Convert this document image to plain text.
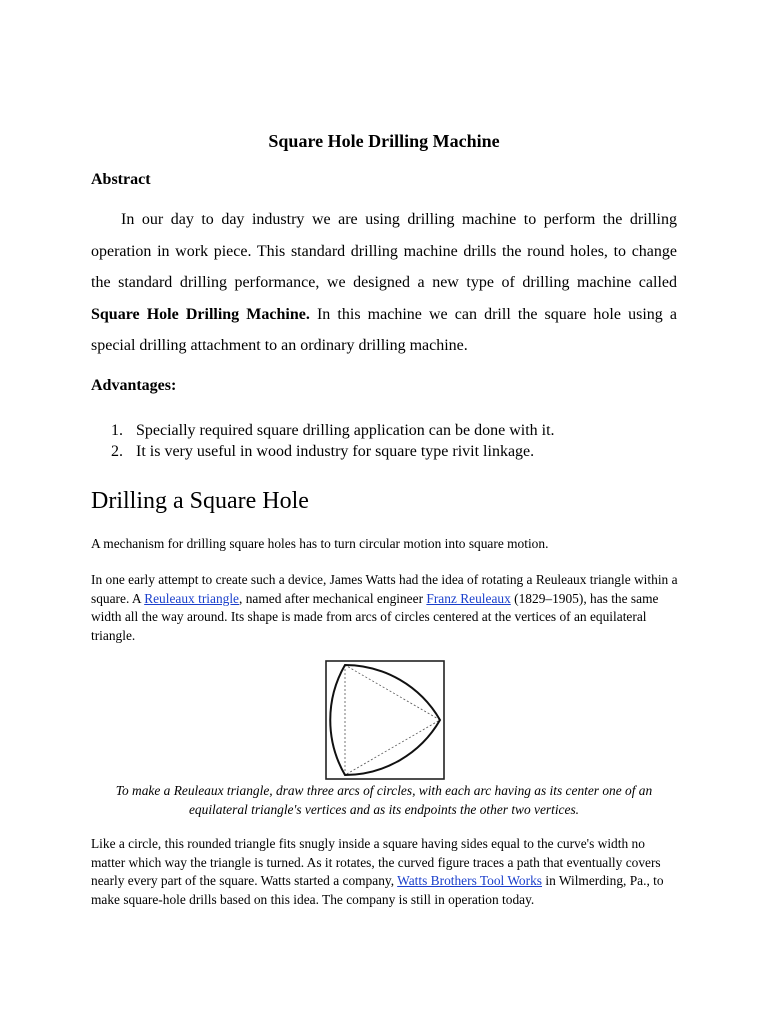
Square Hole Drilling Machine
Abstract

In our day to day industry we are using drilling machine to perform the drilling operation in work piece. This standard drilling machine drills the round holes, to change the standard drilling performance, we designed a new type of drilling machine called Square Hole Drilling Machine. In this machine we can drill the square hole using a special drilling attachment to an ordinary drilling machine.

Advantages:
1. Specially required square drilling application can be done with it.
2. It is very useful in wood industry for square type rivit linkage.
Drilling a Square Hole

A mechanism for drilling square holes has to turn circular motion into square motion.

In one early attempt to create such a device, James Watts had the idea of rotating a Reuleaux triangle within a square. A Reuleaux triangle, named after mechanical engineer Franz Reuleaux (1829–1905), has the same width all the way around. Its shape is made from arcs of circles centered at the vertices of an equilateral triangle.

To make a Reuleaux triangle, draw three arcs of circles, with each arc having as its center one of an equilateral triangle's vertices and as its endpoints the other two vertices.

Like a circle, this rounded triangle fits snugly inside a square having sides equal to the curve's width no matter which way the triangle is turned. As it rotates, the curved figure traces a path that eventually covers nearly every part of the square. Watts started a company, Watts Brothers Tool Works in Wilmerding, Pa., to make square-hole drills based on this idea. The company is still in operation today.
